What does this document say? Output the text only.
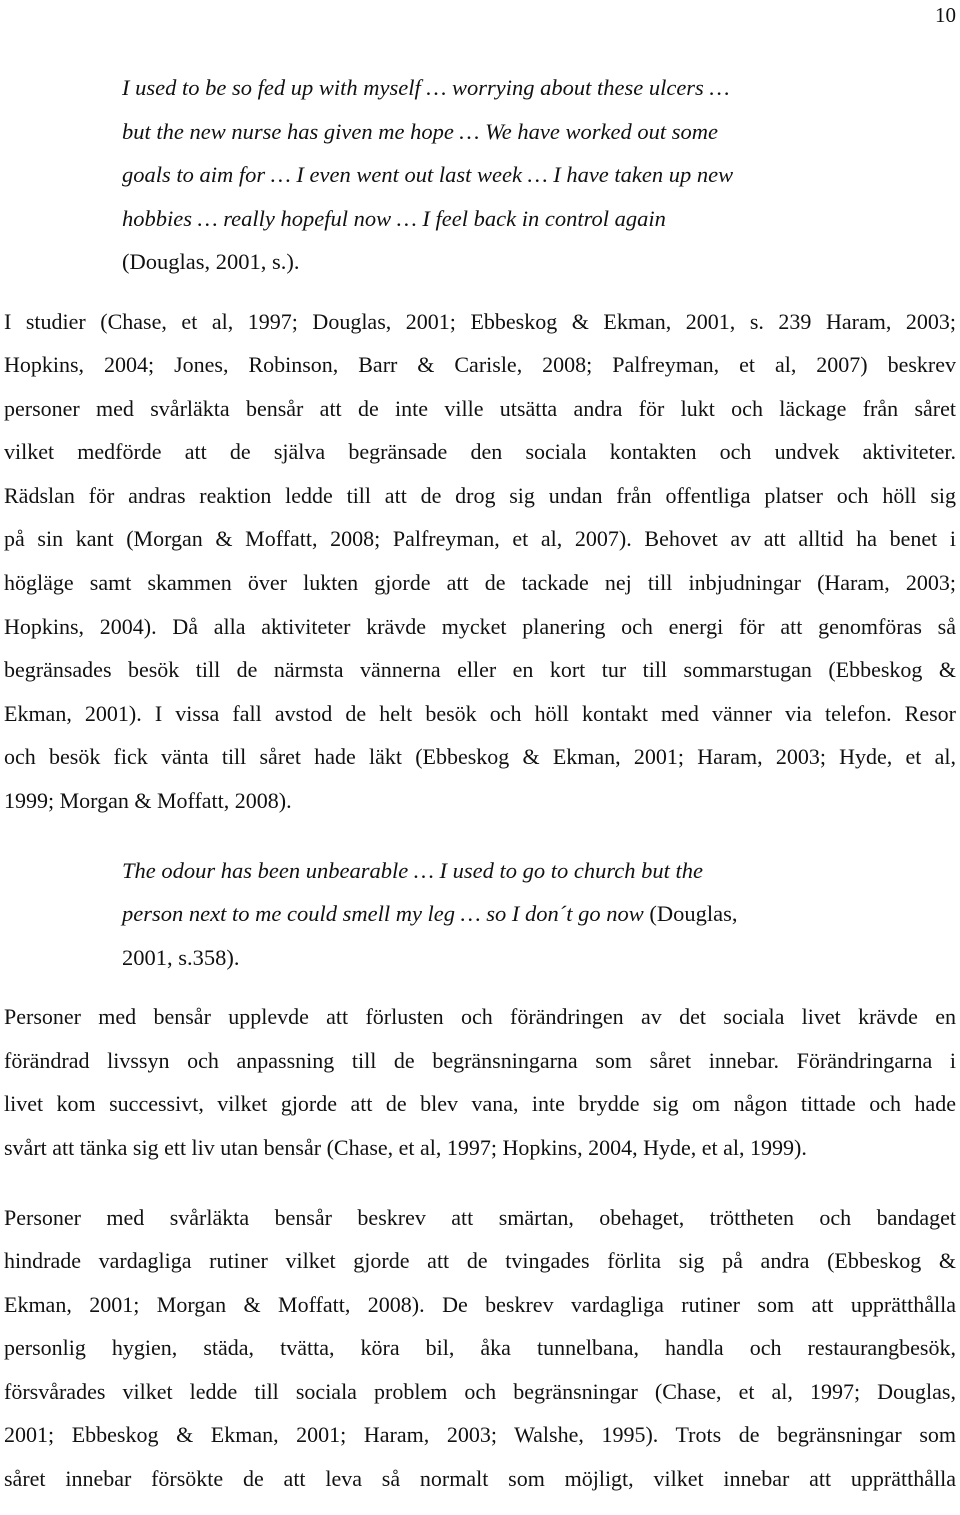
10
I used to be so fed up with myself … worrying about these ulcers …
but the new nurse has given me hope … We have worked out some
goals to aim for … I even went out last week … I have taken up new
hobbies … really hopeful now … I feel back in control again
(Douglas, 2001, s.).
I studier (Chase, et al, 1997; Douglas, 2001; Ebbeskog & Ekman, 2001, s. 239 Haram, 2003;
Hopkins, 2004; Jones, Robinson, Barr & Carisle, 2008; Palfreyman, et al, 2007) beskrev
personer med svårläkta bensår att de inte ville utsätta andra för lukt och läckage från såret
vilket medförde att de själva begränsade den sociala kontakten och undvek aktiviteter.
Rädslan för andras reaktion ledde till att de drog sig undan från offentliga platser och höll sig
på sin kant (Morgan & Moffatt, 2008; Palfreyman, et al, 2007). Behovet av att alltid ha benet i
högläge samt skammen över lukten gjorde att de tackade nej till inbjudningar (Haram, 2003;
Hopkins, 2004). Då alla aktiviteter krävde mycket planering och energi för att genomföras så
begränsades besök till de närmsta vännerna eller en kort tur till sommarstugan (Ebbeskog &
Ekman, 2001). I vissa fall avstod de helt besök och höll kontakt med vänner via telefon. Resor
och besök fick vänta till såret hade läkt (Ebbeskog & Ekman, 2001; Haram, 2003; Hyde, et al,
1999; Morgan & Moffatt, 2008).
The odour has been unbearable … I used to go to church but the
person next to me could smell my leg … so I don´t go now (Douglas,
2001, s.358).
Personer med bensår upplevde att förlusten och förändringen av det sociala livet krävde en
förändrad livssyn och anpassning till de begränsningarna som såret innebar. Förändringarna i
livet kom successivt, vilket gjorde att de blev vana, inte brydde sig om någon tittade och hade
svårt att tänka sig ett liv utan bensår (Chase, et al, 1997; Hopkins, 2004, Hyde, et al, 1999).
Personer med svårläkta bensår beskrev att smärtan, obehaget, tröttheten och bandaget
hindrade vardagliga rutiner vilket gjorde att de tvingades förlita sig på andra (Ebbeskog &
Ekman, 2001; Morgan & Moffatt, 2008). De beskrev vardagliga rutiner som att upprätthålla
personlig hygien, städa, tvätta, köra bil, åka tunnelbana, handla och restaurangbesök,
försvårades vilket ledde till sociala problem och begränsningar (Chase, et al, 1997; Douglas,
2001; Ebbeskog & Ekman, 2001; Haram, 2003; Walshe, 1995). Trots de begränsningar som
såret innebar försökte de att leva så normalt som möjligt, vilket innebar att upprätthålla
